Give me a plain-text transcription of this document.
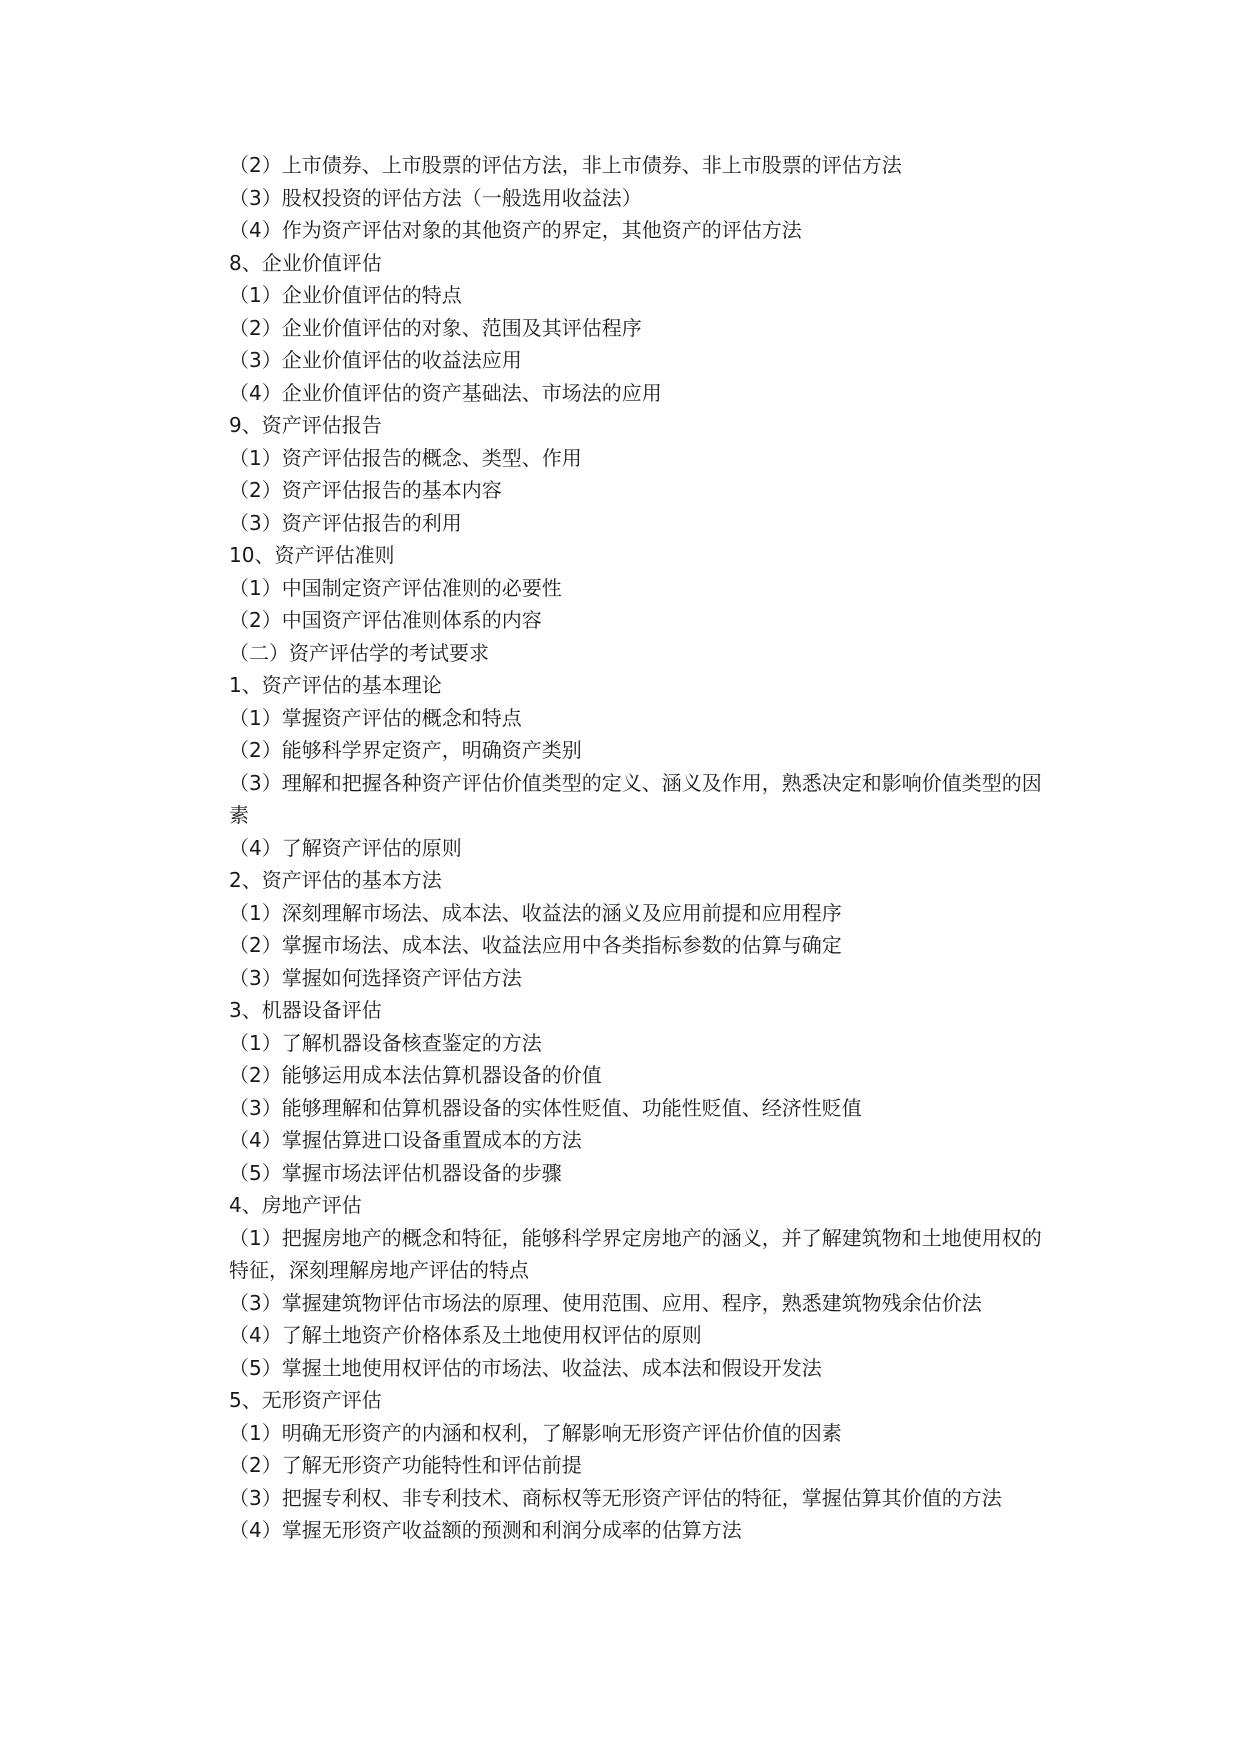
（2）上市债券、上市股票的评估方法，非上市债券、非上市股票的评估方法

（3）股权投资的评估方法（一般选用收益法）

（4）作为资产评估对象的其他资产的界定，其他资产的评估方法

8、企业价值评估

（1）企业价值评估的特点

（2）企业价值评估的对象、范围及其评估程序

（3）企业价值评估的收益法应用

（4）企业价值评估的资产基础法、市场法的应用

9、资产评估报告

（1）资产评估报告的概念、类型、作用

（2）资产评估报告的基本内容

（3）资产评估报告的利用

10、资产评估准则

（1）中国制定资产评估准则的必要性

（2）中国资产评估准则体系的内容

（二）资产评估学的考试要求

1、资产评估的基本理论

（1）掌握资产评估的概念和特点

（2）能够科学界定资产，明确资产类别

（3）理解和把握各种资产评估价值类型的定义、涵义及作用，熟悉决定和影响价值类型的因素

（4）了解资产评估的原则

2、资产评估的基本方法

（1）深刻理解市场法、成本法、收益法的涵义及应用前提和应用程序

（2）掌握市场法、成本法、收益法应用中各类指标参数的估算与确定

（3）掌握如何选择资产评估方法

3、机器设备评估

（1）了解机器设备核查鉴定的方法

（2）能够运用成本法估算机器设备的价值

（3）能够理解和估算机器设备的实体性贬值、功能性贬值、经济性贬值

（4）掌握估算进口设备重置成本的方法

（5）掌握市场法评估机器设备的步骤

4、房地产评估

（1）把握房地产的概念和特征，能够科学界定房地产的涵义，并了解建筑物和土地使用权的特征，深刻理解房地产评估的特点

（3）掌握建筑物评估市场法的原理、使用范围、应用、程序，熟悉建筑物残余估价法

（4）了解土地资产价格体系及土地使用权评估的原则

（5）掌握土地使用权评估的市场法、收益法、成本法和假设开发法

5、无形资产评估

（1）明确无形资产的内涵和权利，了解影响无形资产评估价值的因素

（2）了解无形资产功能特性和评估前提

（3）把握专利权、非专利技术、商标权等无形资产评估的特征，掌握估算其价值的方法

（4）掌握无形资产收益额的预测和利润分成率的估算方法
